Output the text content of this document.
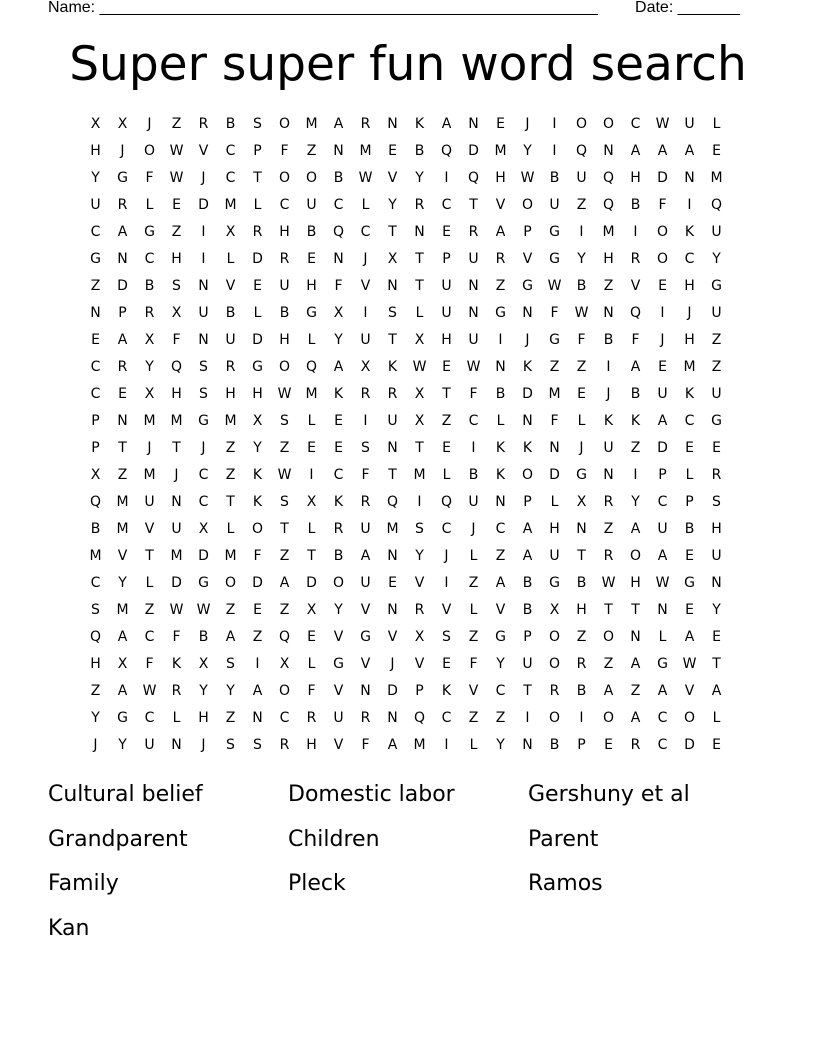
Name: ________________________________________________________ Date: _______
Super super fun word search
X	X	J	Z	R	B	S	O	M	A	R	N	K	A	N	E	J	I	O	O	C	W	U	L
H	J	O	W	V	C	P	F	Z	N	M	E	B	Q	D	M	Y	I	Q	N	A	A	A	E
Y	G	F	W	J	C	T	O	O	B	W	V	Y	I	Q	H	W	B	U	Q	H	D	N	M
U	R	L	E	D	M	L	C	U	C	L	Y	R	C	T	V	O	U	Z	Q	B	F	I	Q
C	A	G	Z	I	X	R	H	B	Q	C	T	N	E	R	A	P	G	I	M	I	O	K	U
G	N	C	H	I	L	D	R	E	N	J	X	T	P	U	R	V	G	Y	H	R	O	C	Y
Z	D	B	S	N	V	E	U	H	F	V	N	T	U	N	Z	G	W	B	Z	V	E	H	G
N	P	R	X	U	B	L	B	G	X	I	S	L	U	N	G	N	F	W	N	Q	I	J	U
E	A	X	F	N	U	D	H	L	Y	U	T	X	H	U	I	J	G	F	B	F	J	H	Z
C	R	Y	Q	S	R	G	O	Q	A	X	K	W	E	W	N	K	Z	Z	I	A	E	M	Z
C	E	X	H	S	H	H	W	M	K	R	R	X	T	F	B	D	M	E	J	B	U	K	U
P	N	M	M	G	M	X	S	L	E	I	U	X	Z	C	L	N	F	L	K	K	A	C	G
P	T	J	T	J	Z	Y	Z	E	E	S	N	T	E	I	K	K	N	J	U	Z	D	E	E
X	Z	M	J	C	Z	K	W	I	C	F	T	M	L	B	K	O	D	G	N	I	P	L	R
Q	M	U	N	C	T	K	S	X	K	R	Q	I	Q	U	N	P	L	X	R	Y	C	P	S
B	M	V	U	X	L	O	T	L	R	U	M	S	C	J	C	A	H	N	Z	A	U	B	H
M	V	T	M	D	M	F	Z	T	B	A	N	Y	J	L	Z	A	U	T	R	O	A	E	U
C	Y	L	D	G	O	D	A	D	O	U	E	V	I	Z	A	B	G	B	W	H	W	G	N
S	M	Z	W W	Z	E	Z	X	Y	V	N	R	V	L	V	B	X	H	T	T	N	E	Y
Q	A	C	F	B	A	Z	Q	E	V	G	V	X	S	Z	G	P	O	Z	O	N	L	A	E
H	X	F	K	X	S	I	X	L	G	V	J	V	E	F	Y	U	O	R	Z	A	G	W	T
Z	A	W	R	Y	Y	A	O	F	V	N	D	P	K	V	C	T	R	B	A	Z	A	V	A
Y	G	C	L	H	Z	N	C	R	U	R	N	Q	C	Z	Z	I	O	I	O	A	C	O	L
J	Y	U	N	J	S	S	R	H	V	F	A	M	I	L	Y	N	B	P	E	R	C	D	E
Cultural belief	Domestic labor	Gershuny et al
Grandparent	Children	Parent
Family	Pleck	Ramos
Kan
